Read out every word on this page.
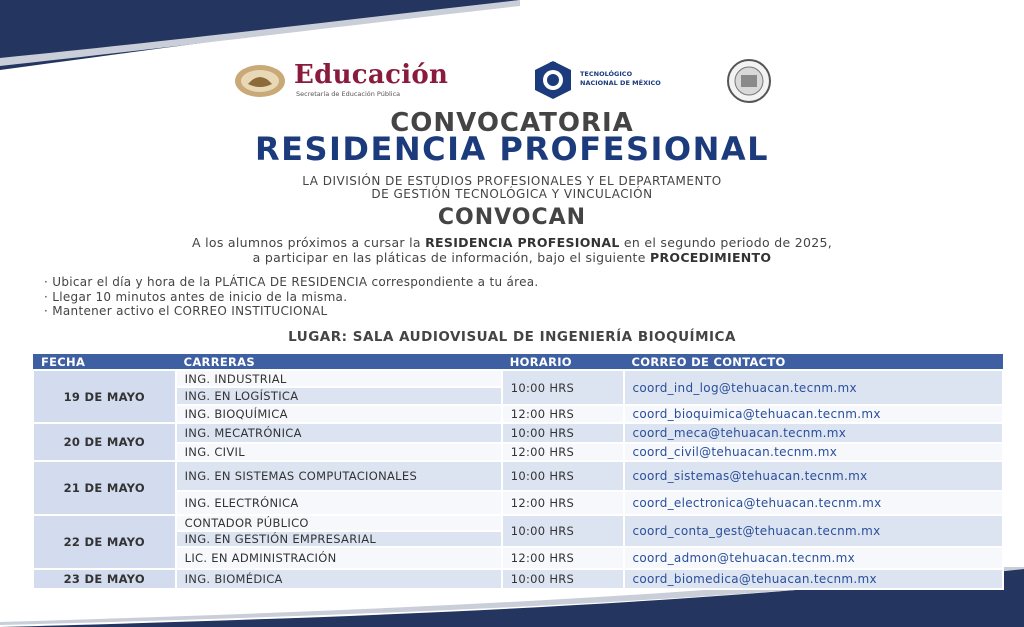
Educación
Secretaría de Educación Pública
TECNOLÓGICO
NACIONAL DE MÉXICO
CONVOCATORIA
RESIDENCIA PROFESIONAL
LA DIVISIÓN DE ESTUDIOS PROFESIONALES Y EL DEPARTAMENTO
DE GESTIÓN TECNOLÓGICA Y VINCULACIÓN
CONVOCAN
A los alumnos próximos a cursar la RESIDENCIA PROFESIONAL en el segundo periodo de 2025,
a participar en las pláticas de información, bajo el siguiente PROCEDIMIENTO
· Ubicar el día y hora de la PLÁTICA DE RESIDENCIA correspondiente a tu área.
· Llegar 10 minutos antes de inicio de la misma.
· Mantener activo el CORREO INSTITUCIONAL
LUGAR: SALA AUDIOVISUAL DE INGENIERÍA BIOQUÍMICA
FECHA	CARRERAS	HORARIO	CORREO DE CONTACTO
19 DE MAYO	ING. INDUSTRIAL	10:00 HRS	coord_ind_log@tehuacan.tecnm.mx
	ING. EN LOGÍSTICA		
	ING. BIOQUÍMICA	12:00 HRS	coord_bioquimica@tehuacan.tecnm.mx
20 DE MAYO	ING. MECATRÓNICA	10:00 HRS	coord_meca@tehuacan.tecnm.mx
	ING. CIVIL	12:00 HRS	coord_civil@tehuacan.tecnm.mx
21 DE MAYO	ING. EN SISTEMAS COMPUTACIONALES	10:00 HRS	coord_sistemas@tehuacan.tecnm.mx
	ING. ELECTRÓNICA	12:00 HRS	coord_electronica@tehuacan.tecnm.mx
22 DE MAYO	CONTADOR PÚBLICO	10:00 HRS	coord_conta_gest@tehuacan.tecnm.mx
	ING. EN GESTIÓN EMPRESARIAL		
	LIC. EN ADMINISTRACIÓN	12:00 HRS	coord_admon@tehuacan.tecnm.mx
23 DE MAYO	ING. BIOMÉDICA	10:00 HRS	coord_biomedica@tehuacan.tecnm.mx
